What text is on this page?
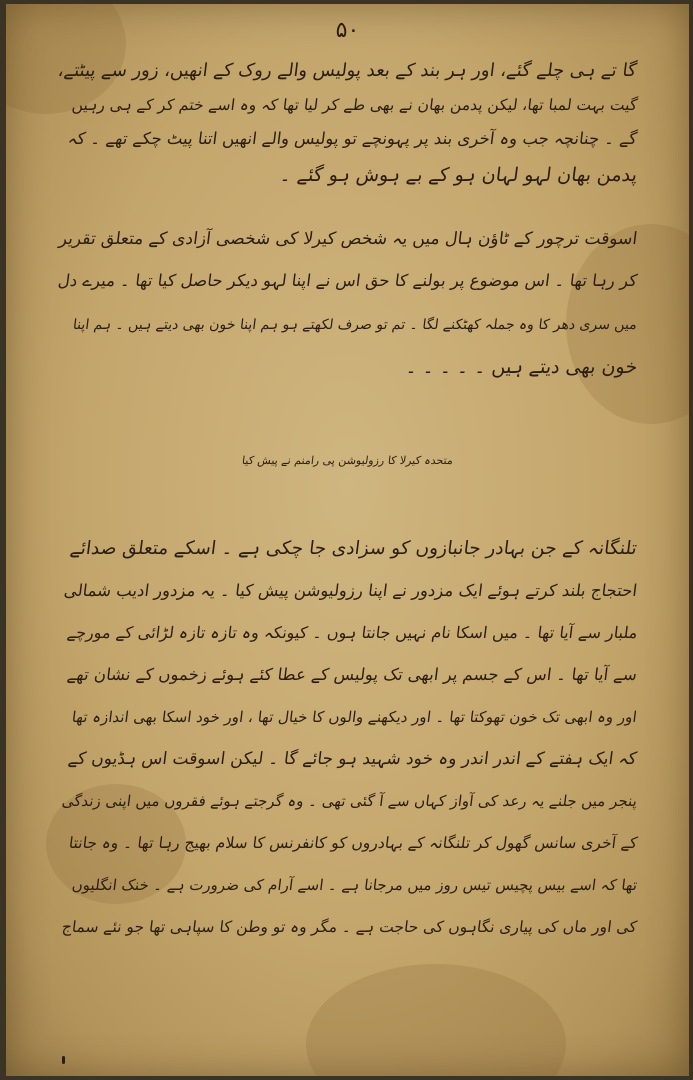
۵۰
گا تے ہی چلے گئے، اور ہر بند کے بعد پولیس والے روک کے انھیں، زور سے پیٹتے،
گیت بہت لمبا تھا، لیکن پدمن بھان نے بھی طے کر لیا تھا کہ وہ اسے ختم کر کے ہی رہیں
گے ۔ چنانچہ جب وہ آخری بند پر پہونچے تو پولیس والے انھیں اتنا پیٹ چکے تھے ۔ کہ
پدمن بھان لہو لہان ہو کے بے ہوش ہو گئے ۔
اسوقت ترچور کے ٹاؤن ہال میں یہ شخص کیرلا کی شخصی آزادی کے متعلق تقریر
کر رہا تھا ۔ اس موضوع پر بولنے کا حق اس نے اپنا لہو دیکر حاصل کیا تھا ۔ میرے دل
میں سری دھر کا وہ جملہ کھٹکنے لگا ۔ تم تو صرف لکھتے ہو ہم اپنا خون بھی دیتے ہیں ۔ ہم اپنا
خون بھی دیتے ہیں ۔ ۔ ۔ ۔ ۔
متحدہ کیرلا کا رزولیوشن پی رامنم نے پیش کیا
تلنگانہ کے جن بہادر جانبازوں کو سزادی جا چکی ہے ۔ اسکے متعلق صدائے
احتجاج بلند کرتے ہوئے ایک مزدور نے اپنا رزولیوشن پیش کیا ۔ یہ مزدور ادیب شمالی
ملبار سے آیا تھا ۔ میں اسکا نام نہیں جانتا ہوں ۔ کیونکہ وہ تازہ تازہ لڑائی کے مورچے
سے آیا تھا ۔ اس کے جسم پر ابھی تک پولیس کے عطا کئے ہوئے زخموں کے نشان تھے
اور وہ ابھی تک خون تھوکتا تھا ۔ اور دیکھنے والوں کا خیال تھا ، اور خود اسکا بھی اندازہ تھا
کہ ایک ہفتے کے اندر اندر وہ خود شہید ہو جائے گا ۔ لیکن اسوقت اس ہڈیوں کے
پنجر میں جلنے یہ رعد کی آواز کہاں سے آ گئی تھی ۔ وہ گرجتے ہوئے فقروں میں اپنی زندگی
کے آخری سانس گھول کر تلنگانہ کے بہادروں کو کانفرنس کا سلام بھیج رہا تھا ۔ وہ جانتا
تھا کہ اسے بیس پچیس تیس روز میں مرجانا ہے ۔ اسے آرام کی ضرورت ہے ۔ خنک انگلیوں
کی اور ماں کی پیاری نگاہوں کی حاجت ہے ۔ مگر وہ تو وطن کا سپاہی تھا جو نئے سماج
